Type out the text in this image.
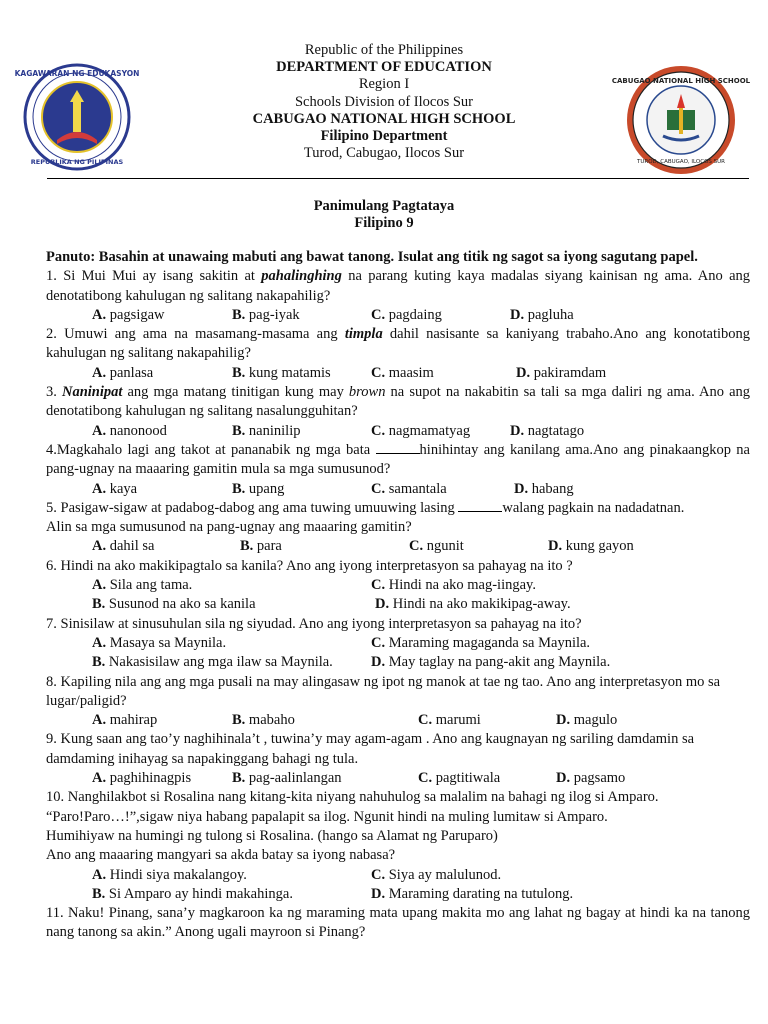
KAGAWARAN NG EDUKASYON
REPUBLIKA NG PILIPINAS
CABUGAO NATIONAL HIGH SCHOOL
TUROD, CABUGAO, ILOCOS SUR
Republic of the Philippines
DEPARTMENT OF EDUCATION
Region I
Schools Division of Ilocos Sur
CABUGAO NATIONAL HIGH SCHOOL
Filipino Department
Turod, Cabugao, Ilocos Sur
Panimulang Pagtataya
Filipino 9
Panuto: Basahin at unawaing mabuti ang bawat tanong. Isulat ang titik ng sagot sa iyong sagutang papel.
1. Si Mui Mui ay isang sakitin at pahalinghing na parang kuting kaya madalas siyang kainisan ng ama. Ano ang denotatibong kahulugan ng salitang nakapahilig?
A. pagsigaw	B. pag-iyak	C. pagdaing	D. pagluha
2. Umuwi ang ama na masamang-masama ang timpla dahil nasisante sa kaniyang trabaho.Ano ang konotatibong kahulugan ng salitang nakapahilig?
A. panlasa	B. kung matamis	C. maasim	D. pakiramdam
3. Naninipat ang mga matang tinitigan kung may brown na supot na nakabitin sa tali sa mga daliri ng ama. Ano ang denotatibong kahulugan ng salitang nasalungguhitan?
A. nanonood	B. naninilip	C. nagmamatyag	D. nagtatago
4.Magkahalo lagi ang takot at pananabik ng mga bata	hinihintay ang kanilang ama.Ano ang pinakaangkop na pang-ugnay na maaaring gamitin mula sa mga sumusunod?
A. kaya	B. upang	C. samantala	D. habang
5. Pasigaw-sigaw at padabog-dabog ang ama tuwing umuuwing lasing	walang pagkain na nadadatnan.
Alin sa mga sumusunod na pang-ugnay ang maaaring gamitin?
A. dahil sa	B. para	C. ngunit	D. kung gayon
6. Hindi na ako makikipagtalo sa kanila? Ano ang iyong interpretasyon sa pahayag na ito ?
A. Sila ang tama.	C. Hindi na ako mag-iingay.
B. Susunod na ako sa kanila	D. Hindi na ako makikipag-away.
7. Sinisilaw at sinusuhulan sila ng siyudad. Ano ang iyong interpretasyon sa pahayag na ito?
A. Masaya sa Maynila.	C. Maraming magaganda sa Maynila.
B. Nakasisilaw ang mga ilaw sa Maynila.	D. May taglay na pang-akit ang Maynila.
8. Kapiling nila ang ang mga pusali na may alingasaw ng ipot ng manok at tae ng tao. Ano ang interpretasyon mo sa lugar/paligid?
A. mahirap	B. mabaho	C. marumi	D. magulo
9. Kung saan ang tao’y naghihinala’t , tuwina’y may agam-agam . Ano ang kaugnayan ng sariling damdamin sa damdaming inihayag sa napakinggang bahagi ng tula.
A. paghihinagpis	B. pag-aalinlangan	C. pagtitiwala	D. pagsamo
10. Nanghilakbot si Rosalina nang kitang-kita niyang nahuhulog sa malalim na bahagi ng ilog si Amparo.
“Paro!Paro…!”,sigaw niya habang papalapit sa ilog. Ngunit hindi na muling lumitaw si Amparo.
Humihiyaw na humingi ng tulong si Rosalina. (hango sa Alamat ng Paruparo)
Ano ang maaaring mangyari sa akda batay sa iyong nabasa?
A. Hindi siya makalangoy.	C. Siya ay malulunod.
B. Si Amparo ay hindi makahinga.	D. Maraming darating na tutulong.
11. Naku! Pinang, sana’y magkaroon ka ng maraming mata upang makita mo ang lahat ng bagay at hindi ka na tanong nang tanong sa akin.” Anong ugali mayroon si Pinang?
